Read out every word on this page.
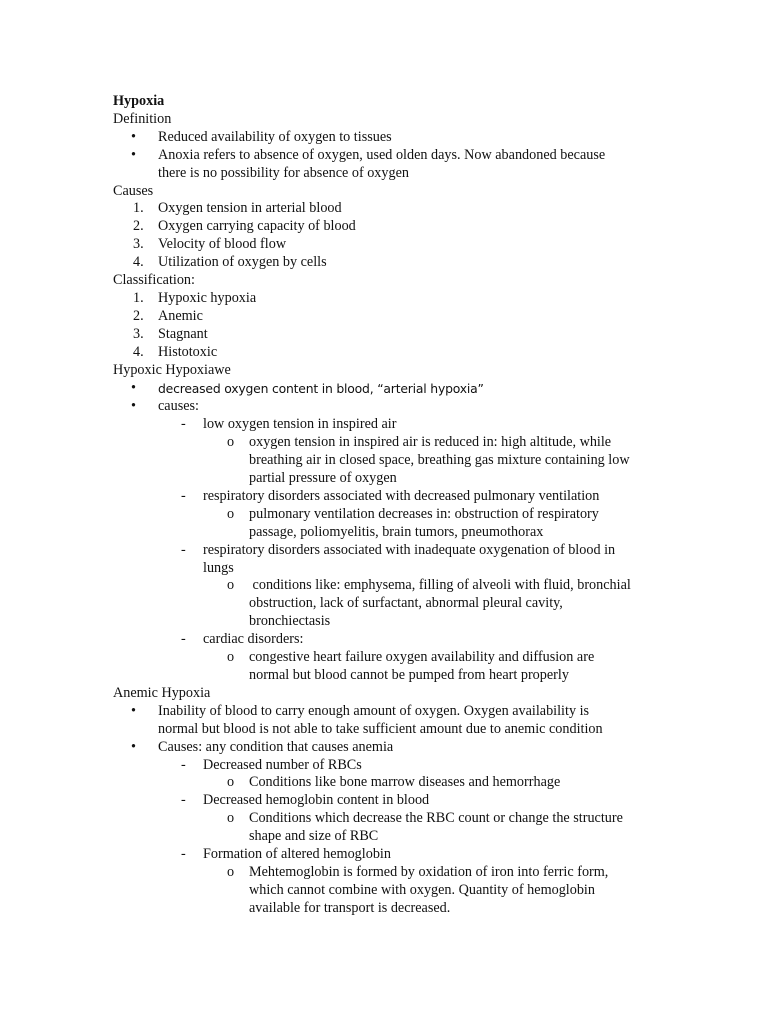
Hypoxia
Definition
• Reduced availability of oxygen to tissues
• Anoxia refers to absence of oxygen, used olden days. Now abandoned because
there is no possibility for absence of oxygen
Causes
1. Oxygen tension in arterial blood
2. Oxygen carrying capacity of blood
3. Velocity of blood flow
4. Utilization of oxygen by cells
Classification:
1. Hypoxic hypoxia
2. Anemic
3. Stagnant
4. Histotoxic
Hypoxic Hypoxiawe
• decreased oxygen content in blood, “arterial hypoxia”
• causes:
- low oxygen tension in inspired air
o oxygen tension in inspired air is reduced in: high altitude, while
breathing air in closed space, breathing gas mixture containing low
partial pressure of oxygen
- respiratory disorders associated with decreased pulmonary ventilation
o pulmonary ventilation decreases in: obstruction of respiratory
passage, poliomyelitis, brain tumors, pneumothorax
- respiratory disorders associated with inadequate oxygenation of blood in
lungs
o conditions like: emphysema, filling of alveoli with fluid, bronchial
obstruction, lack of surfactant, abnormal pleural cavity,
bronchiectasis
- cardiac disorders:
o congestive heart failure oxygen availability and diffusion are
normal but blood cannot be pumped from heart properly
Anemic Hypoxia
• Inability of blood to carry enough amount of oxygen. Oxygen availability is
normal but blood is not able to take sufficient amount due to anemic condition
• Causes: any condition that causes anemia
- Decreased number of RBCs
o Conditions like bone marrow diseases and hemorrhage
- Decreased hemoglobin content in blood
o Conditions which decrease the RBC count or change the structure
shape and size of RBC
- Formation of altered hemoglobin
o Mehtemoglobin is formed by oxidation of iron into ferric form,
which cannot combine with oxygen. Quantity of hemoglobin
available for transport is decreased.
